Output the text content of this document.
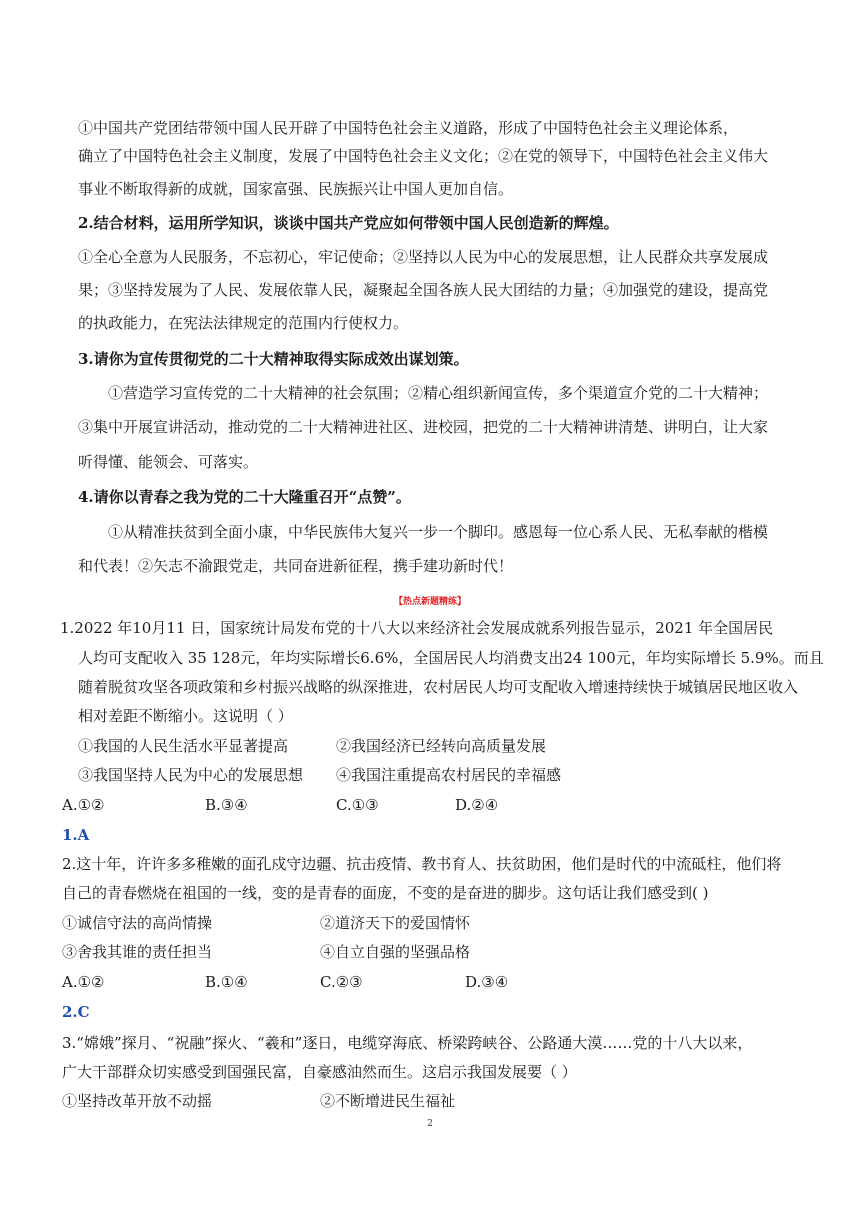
①中国共产党团结带领中国人民开辟了中国特色社会主义道路，形成了中国特色社会主义理论体系，

确立了中国特色社会主义制度，发展了中国特色社会主义文化；②在党的领导下，中国特色社会主义伟大

事业不断取得新的成就，国家富强、民族振兴让中国人更加自信。

2.结合材料，运用所学知识，谈谈中国共产党应如何带领中国人民创造新的辉煌。

①全心全意为人民服务，不忘初心，牢记使命；②坚持以人民为中心的发展思想，让人民群众共享发展成

果；③坚持发展为了人民、发展依靠人民，凝聚起全国各族人民大团结的力量；④加强党的建设，提高党

的执政能力，在宪法法律规定的范围内行使权力。

3.请你为宣传贯彻党的二十大精神取得实际成效出谋划策。

①营造学习宣传党的二十大精神的社会氛围；②精心组织新闻宣传，多个渠道宣介党的二十大精神；

③集中开展宣讲活动，推动党的二十大精神进社区、进校园，把党的二十大精神讲清楚、讲明白，让大家

听得懂、能领会、可落实。

4.请你以青春之我为党的二十大隆重召开“点赞”。

①从精准扶贫到全面小康，中华民族伟大复兴一步一个脚印。感恩每一位心系人民、无私奉献的楷模

和代表！②矢志不渝跟党走，共同奋进新征程，携手建功新时代！

【热点新题精练】

1.2022 年10月11 日，国家统计局发布党的十八大以来经济社会发展成就系列报告显示，2021 年全国居民

人均可支配收入 35 128元，年均实际增长6.6%，全国居民人均消费支出24 100元，年均实际增长 5.9%。而且

随着脱贫攻坚各项政策和乡村振兴战略的纵深推进，农村居民人均可支配收入增速持续快于城镇居民地区收入

相对差距不断缩小。这说明（ ）

①我国的人民生活水平显著提高	②我国经济已经转向高质量发展

③我国坚持人民为中心的发展思想 ④我国注重提高农村居民的幸福感

A.①②	B.③④	C.①③	D.②④

1.A

2.这十年，许许多多稚嫩的面孔戍守边疆、抗击疫情、教书育人、扶贫助困，他们是时代的中流砥柱，他们将

自己的青春燃烧在祖国的一线，变的是青春的面庞，不变的是奋进的脚步。这句话让我们感受到( )

①诚信守法的高尚情操	②道济天下的爱国情怀

③舍我其谁的责任担当	④自立自强的坚强品格

A.①②	B.①④	C.②③	D.③④

2.C

3.“嫦娥”探月、“祝融”探火、“羲和”逐日，电缆穿海底、桥梁跨峡谷、公路通大漠……党的十八大以来，

广大干部群众切实感受到国强民富，自豪感油然而生。这启示我国发展要（ ）

①坚持改革开放不动摇	②不断增进民生福祉

2
